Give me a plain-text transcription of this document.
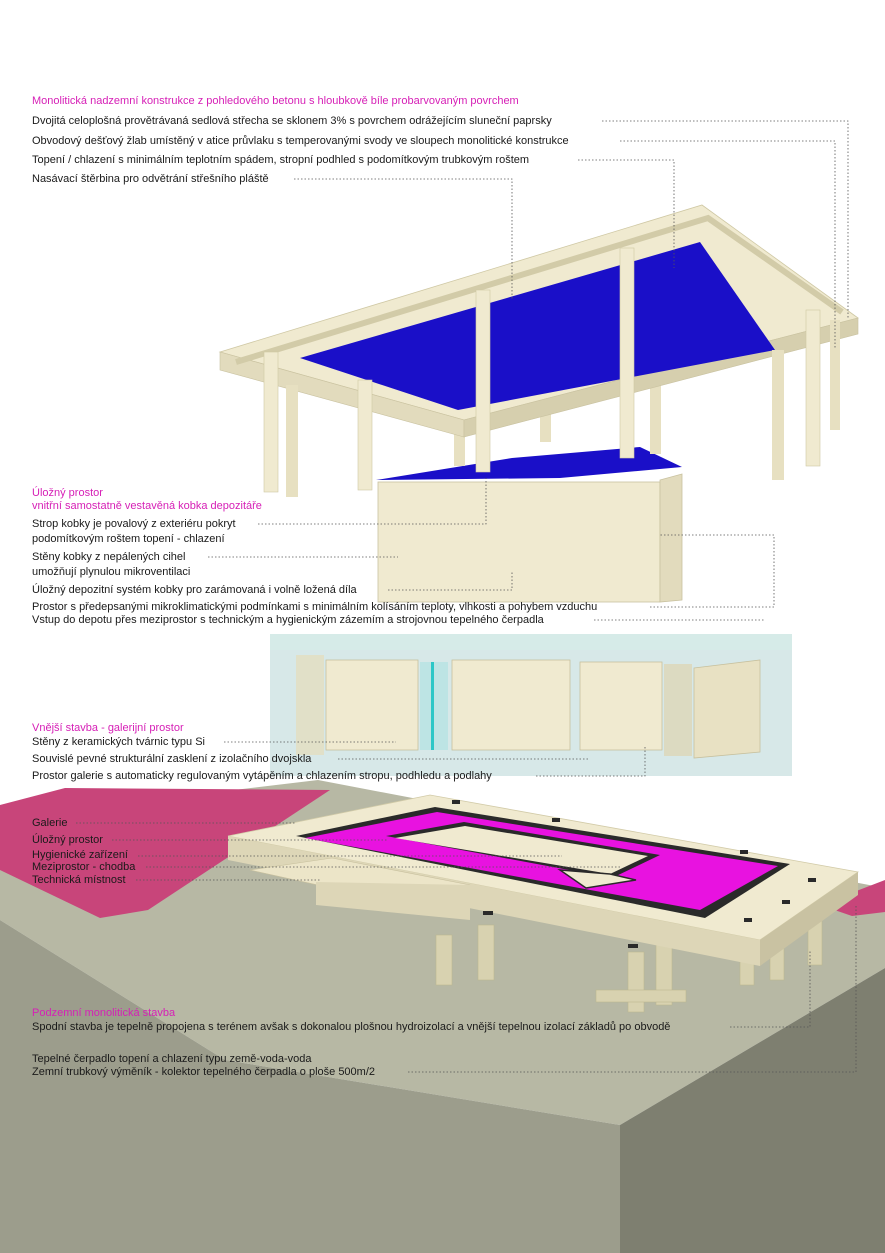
Monolitická nadzemní konstrukce z pohledového betonu s hloubkově bíle probarvovaným povrchem
Dvojitá celoplošná provětrávaná sedlová střecha se sklonem 3% s povrchem odrážejícím sluneční paprsky
Obvodový dešťový žlab umístěný v atice průvlaku s temperovanými svody ve sloupech monolitické konstrukce
Topení / chlazení s minimálním teplotním spádem, stropní podhled s podomítkovým trubkovým roštem
Nasávací štěrbina pro odvětrání střešního pláště
Úložný prostor
vnitřní samostatně vestavěná kobka depozitáře
Strop kobky je povalový z exteriéru pokryt
podomítkovým roštem topení - chlazení
Stěny kobky z nepálených cihel
umožňují plynulou mikroventilaci
Úložný depozitní systém kobky pro zarámovaná i volně ložená díla
Prostor s předepsanými mikroklimatickými podmínkami s minimálním kolísáním teploty, vlhkosti a pohybem vzduchu
Vstup do depotu přes meziprostor s technickým a hygienickým zázemím a strojovnou tepelného čerpadla
Vnější stavba - galerijní prostor
Stěny z keramických tvárnic typu Si
Souvislé pevné strukturální zasklení z izolačního dvojskla
Prostor galerie s automaticky regulovaným vytápěním a chlazením stropu, podhledu a podlahy
Galerie
Úložný prostor
Hygienické zařízení
Meziprostor - chodba
Technická místnost
Podzemní monolitická stavba
Spodní stavba je tepelně propojena s terénem avšak s dokonalou plošnou hydroizolací a vnější tepelnou izolací základů po obvodě
Tepelné čerpadlo topení a chlazení typu země-voda-voda
Zemní trubkový výměník - kolektor tepelného čerpadla o ploše 500m/2
